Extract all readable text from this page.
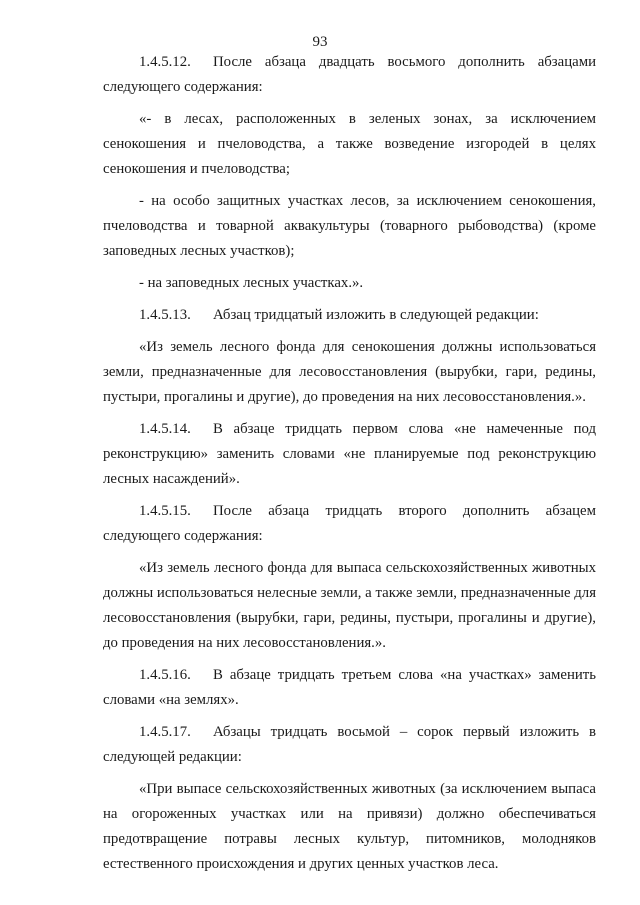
93

1.4.5.12. После абзаца двадцать восьмого дополнить абзацами следующего содержания:

«- в лесах, расположенных в зеленых зонах, за исключением сенокошения и пчеловодства, а также возведение изгородей в целях сенокошения и пчеловодства;

- на особо защитных участках лесов, за исключением сенокошения, пчеловодства и товарной аквакультуры (товарного рыбоводства) (кроме заповедных лесных участков);

- на заповедных лесных участках.».

1.4.5.13. Абзац тридцатый изложить в следующей редакции:

«Из земель лесного фонда для сенокошения должны использоваться земли, предназначенные для лесовосстановления (вырубки, гари, редины, пустыри, прогалины и другие), до проведения на них лесовосстановления.».

1.4.5.14. В абзаце тридцать первом слова «не намеченные под реконструкцию» заменить словами «не планируемые под реконструкцию лесных насаждений».

1.4.5.15. После абзаца тридцать второго дополнить абзацем следующего содержания:

«Из земель лесного фонда для выпаса сельскохозяйственных животных должны использоваться нелесные земли, а также земли, предназначенные для лесовосстановления (вырубки, гари, редины, пустыри, прогалины и другие), до проведения на них лесовосстановления.».

1.4.5.16. В абзаце тридцать третьем слова «на участках» заменить словами «на землях».

1.4.5.17. Абзацы тридцать восьмой – сорок первый изложить в следующей редакции:

«При выпасе сельскохозяйственных животных (за исключением выпаса на огороженных участках или на привязи) должно обеспечиваться предотвращение потравы лесных культур, питомников, молодняков естественного происхождения и других ценных участков леса.
